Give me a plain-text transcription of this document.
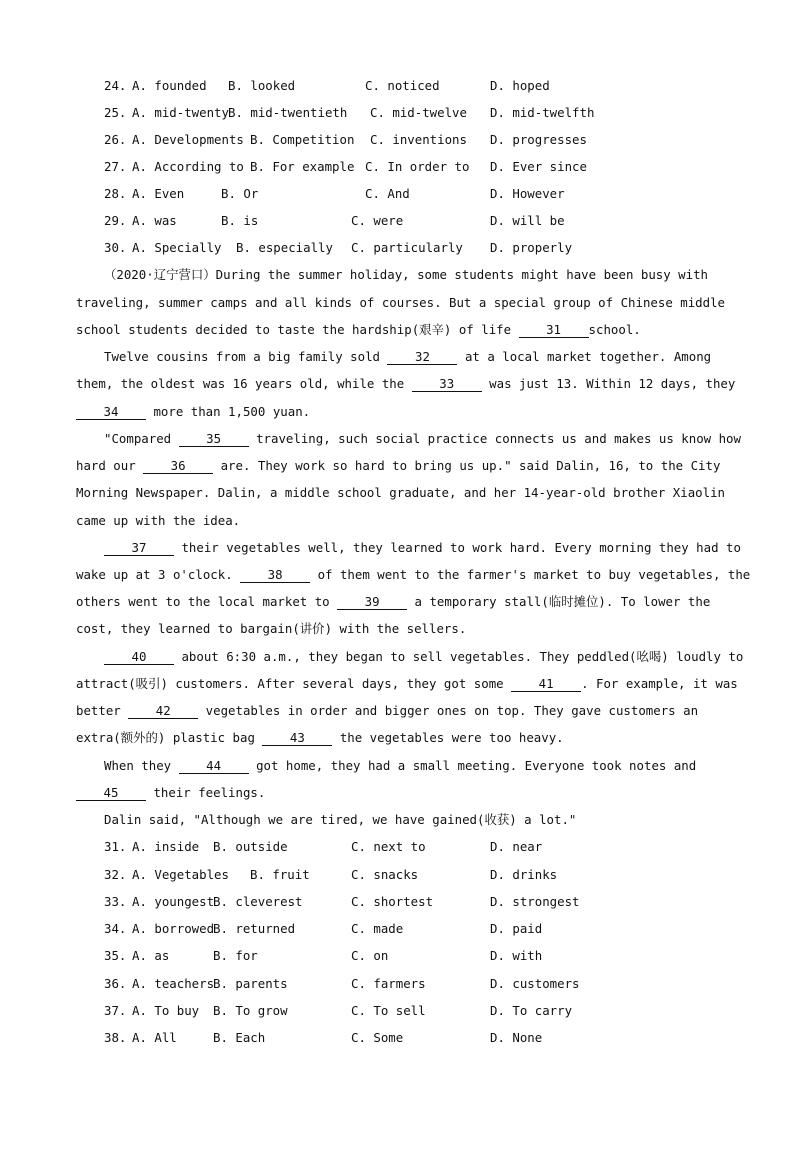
24.

A. founded

B. looked

	C. noticed

	D. hoped

25.

A. mid-twenty

B. mid-twentieth

C. mid-twelve

D. mid-twelfth

26.

A. Developments

B. Competition

C. inventions

D. progresses

27.

A. According to

B. For example

C. In order to

D. Ever since

28.

A. Even

	B. Or

	C. And

	D. However

29.

A. was

	B. is

	C. were

	D. will be

30.

A. Specially

B. especially

C. particularly

D. properly

（2020·辽宁营口）During the summer holiday, some students might have been busy with
traveling, summer camps and all kinds of courses. But a special group of Chinese middle
school students decided to taste the hardship(艰辛) of life 31 school.
Twelve cousins from a big family sold 32 at a local market together. Among
them, the oldest was 16 years old, while the 33 was just 13. Within 12 days, they
34 more than 1,500 yuan.
"Compared 35 traveling, such social practice connects us and makes us know how
hard our 36 are. They work so hard to bring us up." said Dalin, 16, to the City
Morning Newspaper. Dalin, a middle school graduate, and her 14-year-old brother Xiaolin
came up with the idea.
37 their vegetables well, they learned to work hard. Every morning they had to
wake up at 3 o'clock. 38 of them went to the farmer's market to buy vegetables, the
others went to the local market to 39 a temporary stall(临时摊位). To lower the
cost, they learned to bargain(讲价) with the sellers.
40 about 6:30 a.m., they began to sell vegetables. They peddled(吆喝) loudly to
attract(吸引) customers. After several days, they got some 41 . For example, it was
better 42 vegetables in order and bigger ones on top. They gave customers an
extra(额外的) plastic bag 43 the vegetables were too heavy.
When they 44 got home, they had a small meeting. Everyone took notes and
45 their feelings.
Dalin said, "Although we are tired, we have gained(收获) a lot."

31.

A. inside

B. outside

	C. next to

	D. near

32.

A. Vegetables

B. fruit

	C. snacks

	D. drinks

33.

A. youngest

B. cleverest

	C. shortest

	D. strongest

34.

A. borrowed

B. returned

	C. made

	D. paid

35.

A. as

	B. for

	C. on

	D. with

36.

A. teachers

B. parents

	C. farmers

	D. customers

37.

A. To buy

B. To grow

	C. To sell

	D. To carry

38.

A. All

	B. Each

	C. Some

	D. None
